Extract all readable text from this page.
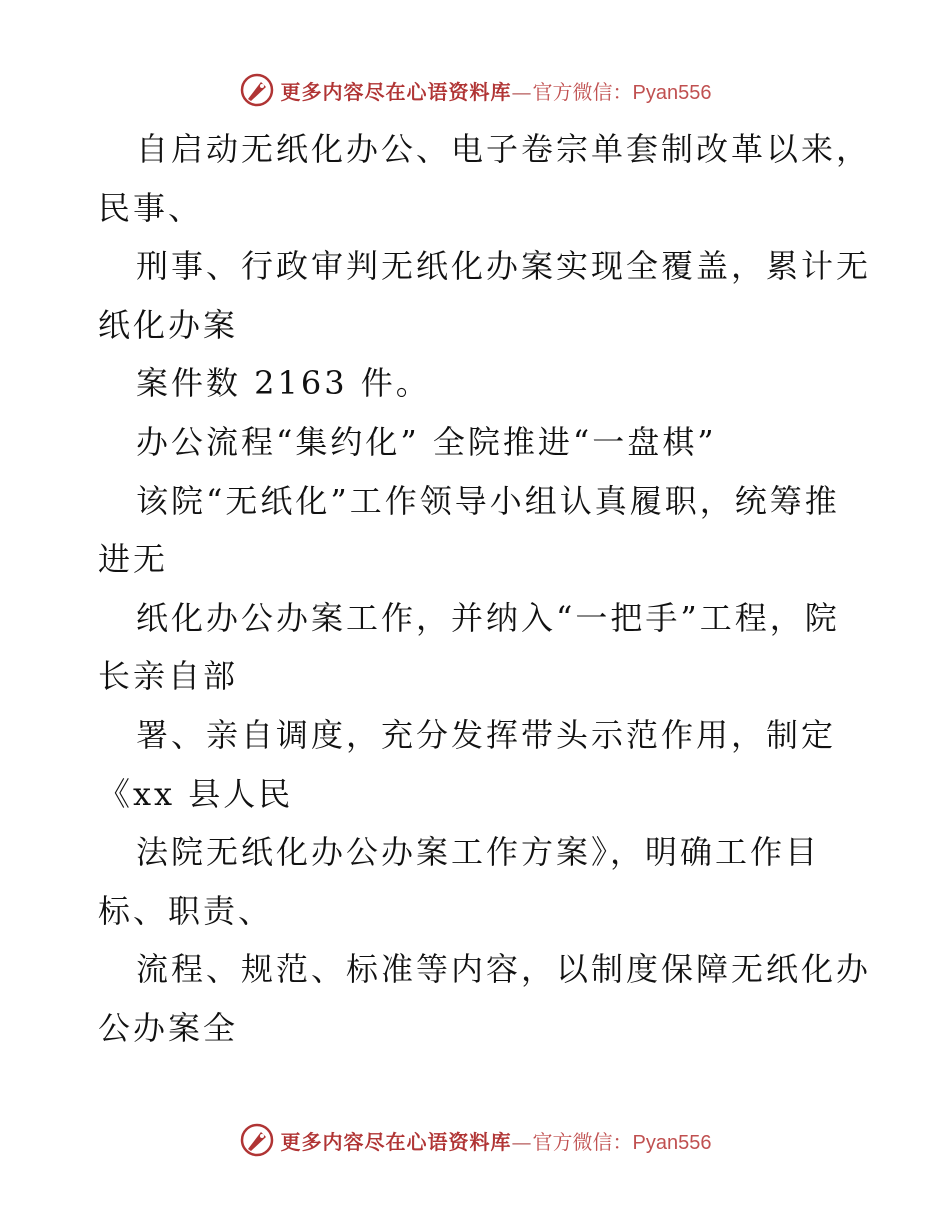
更多内容尽在心语资料库—官方微信：Pyan556
自启动无纸化办公、电子卷宗单套制改革以来，
民事、
刑事、行政审判无纸化办案实现全覆盖，累计无
纸化办案
案件数 2163 件。
办公流程“集约化” 全院推进“一盘棋”
该院“无纸化”工作领导小组认真履职，统筹推
进无
纸化办公办案工作，并纳入“一把手”工程，院
长亲自部
署、亲自调度，充分发挥带头示范作用，制定
《xx 县人民
法院无纸化办公办案工作方案》，明确工作目
标、职责、
流程、规范、标准等内容，以制度保障无纸化办
公办案全
更多内容尽在心语资料库—官方微信：Pyan556
